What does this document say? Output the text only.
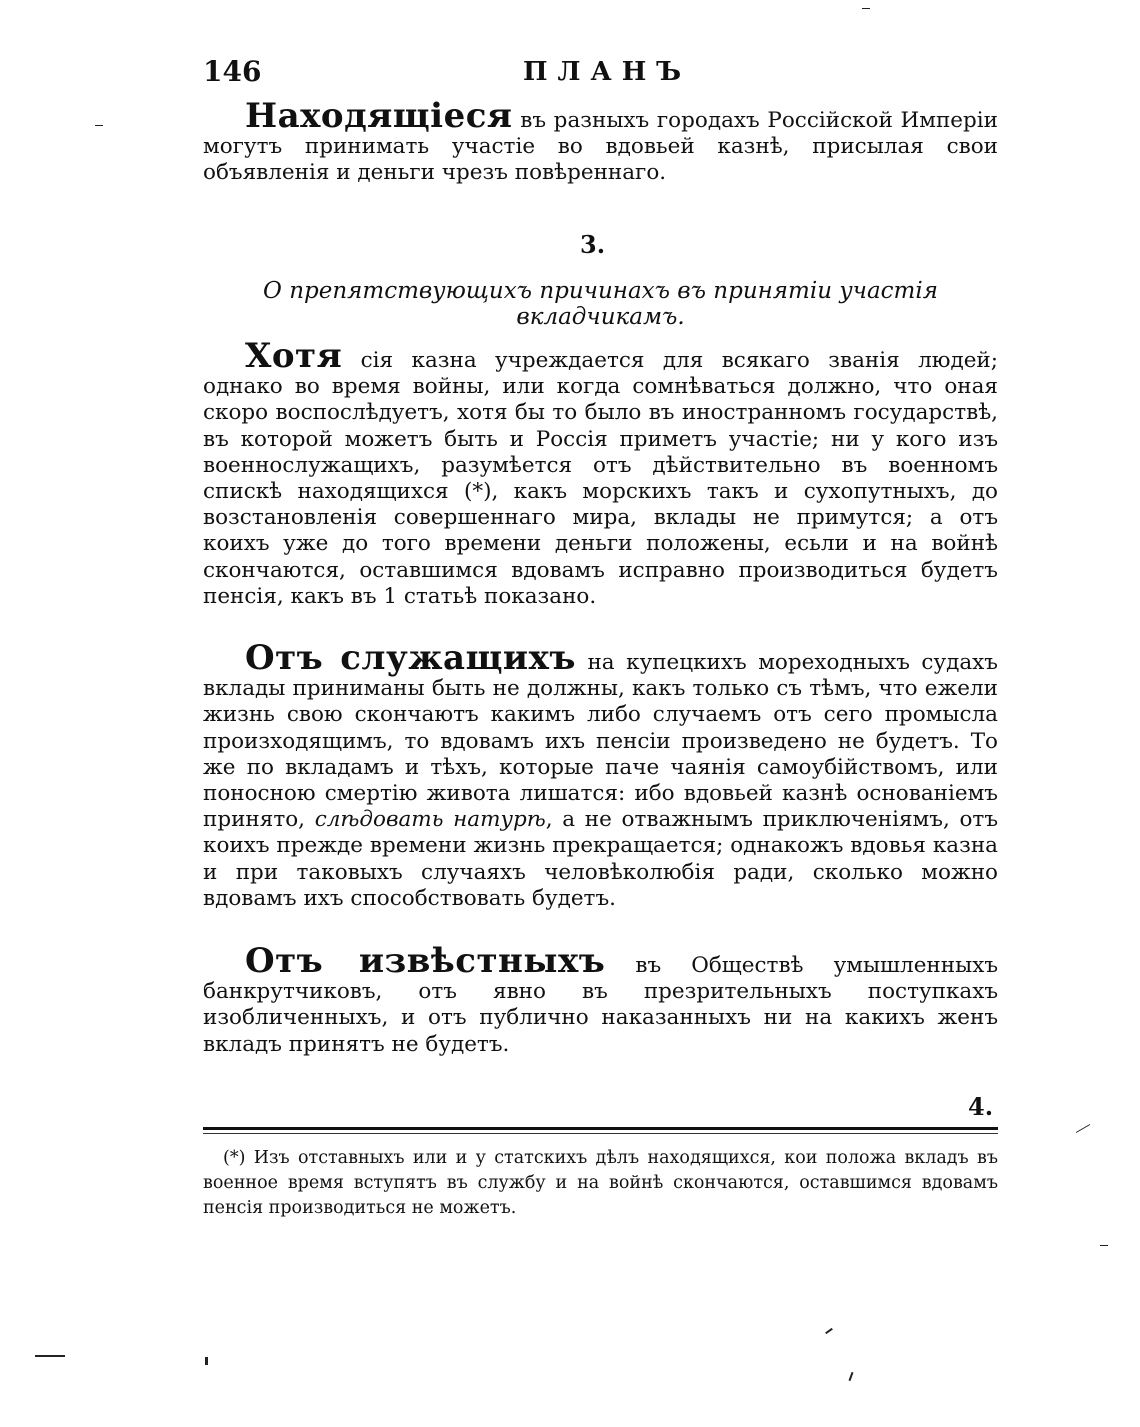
146	ПЛАНЪ

Находящiеся въ разныхъ городахъ Россiйской Имперiи могутъ принимать участiе во вдовьей казнѣ, присылая свои объявленiя и деньги чрезъ повѣреннаго.

3.
О препятствующихъ причинахъ въ принятiи участiя вкладчикамъ.

Хотя сiя казна учреждается для всякаго званiя людей; однако во время войны, или когда сомнѣваться должно, что оная скоро воспослѣдуетъ, хотя бы то было въ иностранномъ государствѣ, въ которой можетъ быть и Россiя приметъ участiе; ни у кого изъ военнослужащихъ, разумѣется отъ дѣйствительно въ военномъ спискѣ находящихся (*), какъ морскихъ такъ и сухопутныхъ, до возстановленiя совершеннаго мира, вклады не примутся; а отъ коихъ уже до того времени деньги положены, есьли и на войнѣ скончаются, оставшимся вдовамъ исправно производиться будетъ пенсiя, какъ въ 1 статьѣ показано.

Отъ служащихъ на купецкихъ мореходныхъ судахъ вклады приниманы быть не должны, какъ только съ тѣмъ, что ежели жизнь свою скончаютъ какимъ либо случаемъ отъ сего промысла произходящимъ, то вдовамъ ихъ пенсiи произведено не будетъ. То же по вкладамъ и тѣхъ, которые паче чаянiя самоубiйствомъ, или поносною смертiю живота лишатся: ибо вдовьей казнѣ основанiемъ принято, слѣдовать натурѣ, а не отважнымъ приключенiямъ, отъ коихъ прежде времени жизнь прекращается; однакожъ вдовья казна и при таковыхъ случаяхъ человѣколюбiя ради, сколько можно вдовамъ ихъ способствовать будетъ.

Отъ извѣстныхъ въ Обществѣ умышленныхъ банкрутчиковъ, отъ явно въ презрительныхъ поступкахъ изобличенныхъ, и отъ публично наказанныхъ ни на какихъ женъ вкладъ принятъ не будетъ.

4.
(*) Изъ отставныхъ или и у статскихъ дѣлъ находящихся, кои положа вкладъ въ военное время вступятъ въ службу и на войнѣ скончаются, оставшимся вдовамъ пенсiя производиться не можетъ.
